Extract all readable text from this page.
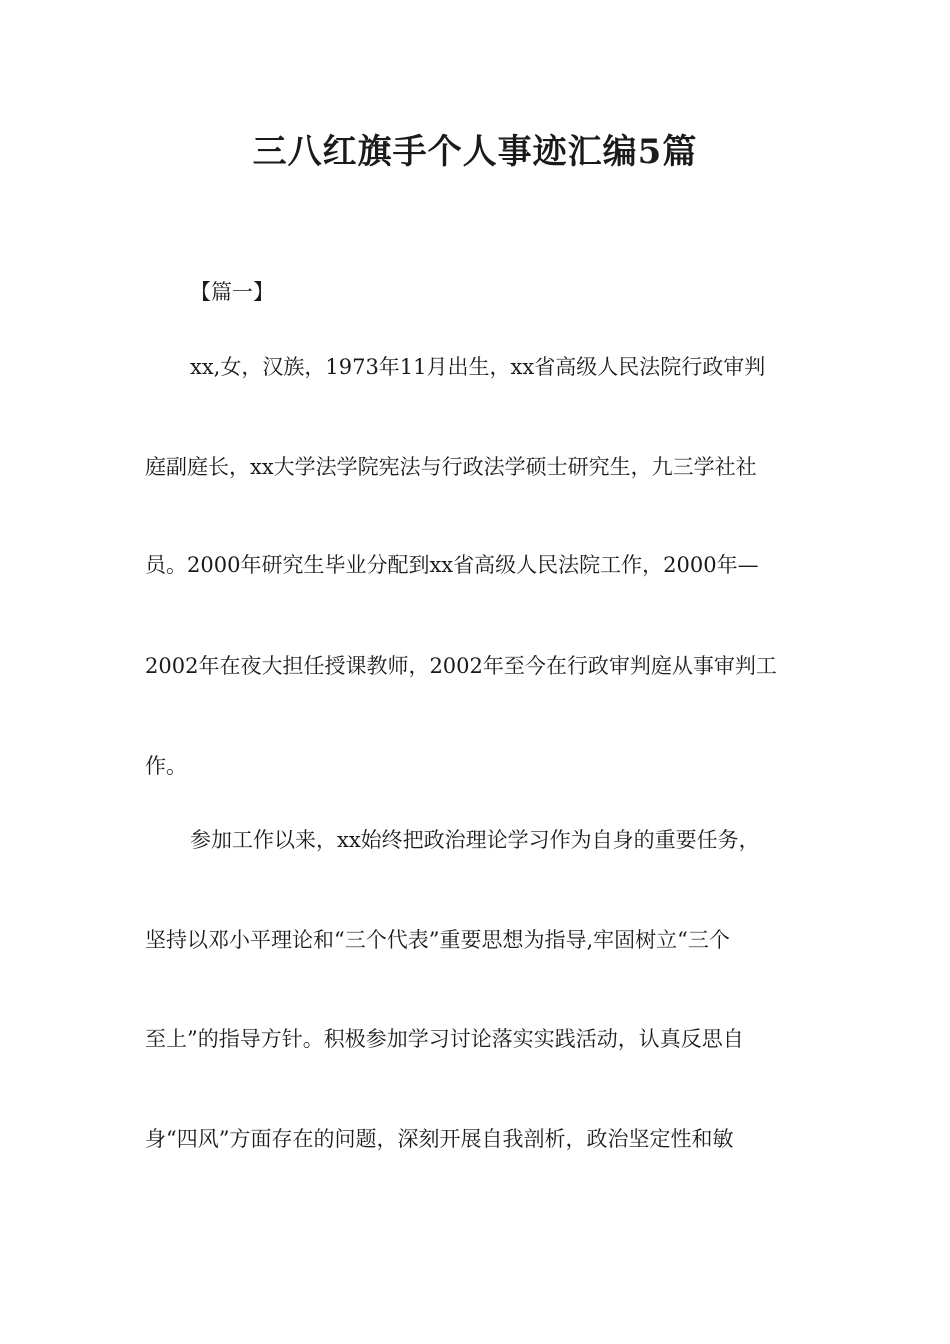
三八红旗手个人事迹汇编5篇
【篇一】
xx,女，汉族，1973年11月出生，xx省高级人民法院行政审判
庭副庭长，xx大学法学院宪法与行政法学硕士研究生，九三学社社
员。2000年研究生毕业分配到xx省高级人民法院工作，2000年—
2002年在夜大担任授课教师，2002年至今在行政审判庭从事审判工
作。
参加工作以来，xx始终把政治理论学习作为自身的重要任务，
坚持以邓小平理论和“三个代表”重要思想为指导,牢固树立“三个
至上”的指导方针。积极参加学习讨论落实实践活动，认真反思自
身“四风”方面存在的问题，深刻开展自我剖析，政治坚定性和敏
